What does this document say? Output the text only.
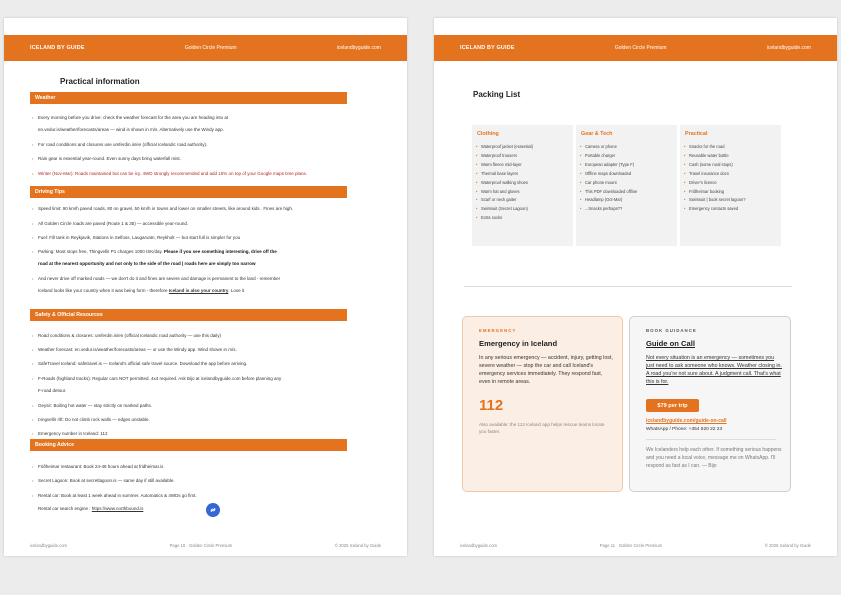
ICELAND BY GUIDE	Golden Circle Premium	icelandbyguide.com
Practical information
Weather
• Every morning before you drive: check the weather forecast for the area you are heading into at
en.vedur.is/weather/forecasts/areas — wind is shown in m/s. Alternatively use the Windy app.
• For road conditions and closures use umferdin.is/en (official Icelandic road authority).
• Rain gear is essential year-round. Even sunny days bring waterfall mist.
• Winter (Nov-Mar): Roads maintained but can be icy. 4WD strongly recommended and add 15% on top of your Google maps time plans.
Driving Tips
• Speed limit: 90 km/h paved roads, 80 on gravel, 50 km/h in towns and lower on smaller streets, like around kids . Fines are high.
• All Golden Circle roads are paved (Route 1 & 35) — accessible year-round.
• Fuel: Fill tank in Reykjavik, Stations in Selfoss, Laugarvatn, Reykholt — but start full is simpler for you
• Parking: Most stops free, Thingvellir P1 charges 1000 ISK/day. Please if you see something interesting, drive off the
road at the nearest opportunity and not only to the side of the road | roads here are simply too narrow
• And never drive off marked roads — we don't do it and fines are severe and damage is permanent to the land - remember
Iceland looks like your country when it was being form - therefore Iceland is also your country. Love it
Safety & Official Resources
• Road conditions & closures: umferdin.is/en (official Icelandic road authority — use this daily)
• Weather forecast: en.vedur.is/weather/forecasts/areas — or use the Windy app. Wind shown in m/s.
• SafeTravel Iceland: safetravel.is — Iceland's official safe travel source. Download the app before arriving.
• F-Roads (highland tracks): Regular cars NOT permitted. 4x4 required. Ask Bijo at icelandbyguide.com before planning any
F-road detour.
• Geysir: Boiling hot water — stay strictly on marked paths.
• Þingvellir rift: Do not climb rock walls — edges unstable.
• Emergency number in Iceland: 112
Booking Advice
• Friðheimar restaurant: Book 24-48 hours ahead at fridheimar.is
• Secret Lagoon: Book at secretlagoon.is — same day if still available.
• Rental car: Book at least 1 week ahead in summer. Automatics & 4WDs go first.
Rental car search engine : https://www.northbound.is
icelandbyguide.com	Page 10 · Golden Circle Premium	© 2025 Iceland by Guide
ICELAND BY GUIDE	Golden Circle Premium	icelandbyguide.com
Packing List
Clothing
• Waterproof jacket (essential)
• Waterproof trousers
• Warm fleece mid-layer
• Thermal base layers
• Waterproof walking shoes
• Warm hat and gloves
• Scarf or neck gaiter
• Swimsuit (Secret Lagoon)
• Extra socks
Gear & Tech
• Camera or phone
• Portable charger
• European adapter (Type F)
• Offline maps downloaded
• Car phone mount
• This PDF downloaded offline
• Headlamp (Oct-Mar)
• ...Snacks perhaps??
Practical
• Snacks for the road
• Reusable water bottle
• Cash (some rural stops)
• Travel insurance docs
• Driver's licence
• Friðheimar booking
• Swimsuit | book secret lagoon?
• Emergency contacts saved
EMERGENCY
Emergency in Iceland
In any serious emergency — accident, injury, getting lost, severe weather — stop the car and call Iceland's emergency services immediately. They respond fast, even in remote areas.
112
Also available: the 112 Iceland app helps rescue teams locate you faster.
BOOK GUIDANCE
Guide on Call
Not every situation is an emergency — sometimes you just need to ask someone who knows. Weather closing in. A road you're not sure about. A judgment call. That's what this is for.
$79 per trip
icelandbyguide.com/guide-on-call
WhatsApp / Phone: +354 820 22 23
We Icelanders help each other. If something serious happens and you need a local voice, message me on WhatsApp. I'll respond as fast as I can. — Bijo
icelandbyguide.com	Page 11 · Golden Circle Premium	© 2025 Iceland by Guide
